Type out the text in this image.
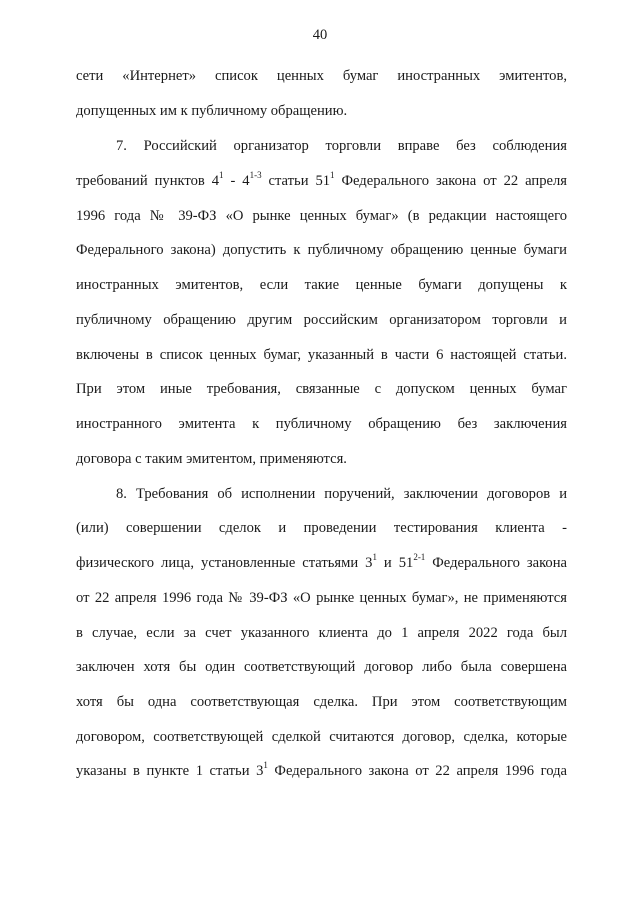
40
сети «Интернет» список ценных бумаг иностранных эмитентов,
допущенных им к публичному обращению.
7. Российский организатор торговли вправе без соблюдения
требований пунктов $4^1 - 4^{1-3}$ статьи $51^1$ Федерального закона от 22 апреля
1996 года № 39-ФЗ «О рынке ценных бумаг» (в редакции настоящего
Федерального закона) допустить к публичному обращению ценные бумаги
иностранных эмитентов, если такие ценные бумаги допущены к
публичному обращению другим российским организатором торговли и
включены в список ценных бумаг, указанный в части 6 настоящей статьи.
При этом иные требования, связанные с допуском ценных бумаг
иностранного эмитента к публичному обращению без заключения
договора с таким эмитентом, применяются.
8. Требования об исполнении поручений, заключении договоров и
(или) совершении сделок и проведении тестирования клиента -
физического лица, установленные статьями $3^1$ и 51$^{2-1}$ Федерального закона
от 22 апреля 1996 года № 39-ФЗ «О рынке ценных бумаг», не применяются
в случае, если за счет указанного клиента до 1 апреля 2022 года был
заключен хотя бы один соответствующий договор либо была совершена
хотя бы одна соответствующая сделка. При этом соответствующим
договором, соответствующей сделкой считаются договор, сделка, которые
указаны в пункте 1 статьи $3^1$ Федерального закона от 22 апреля 1996 года
